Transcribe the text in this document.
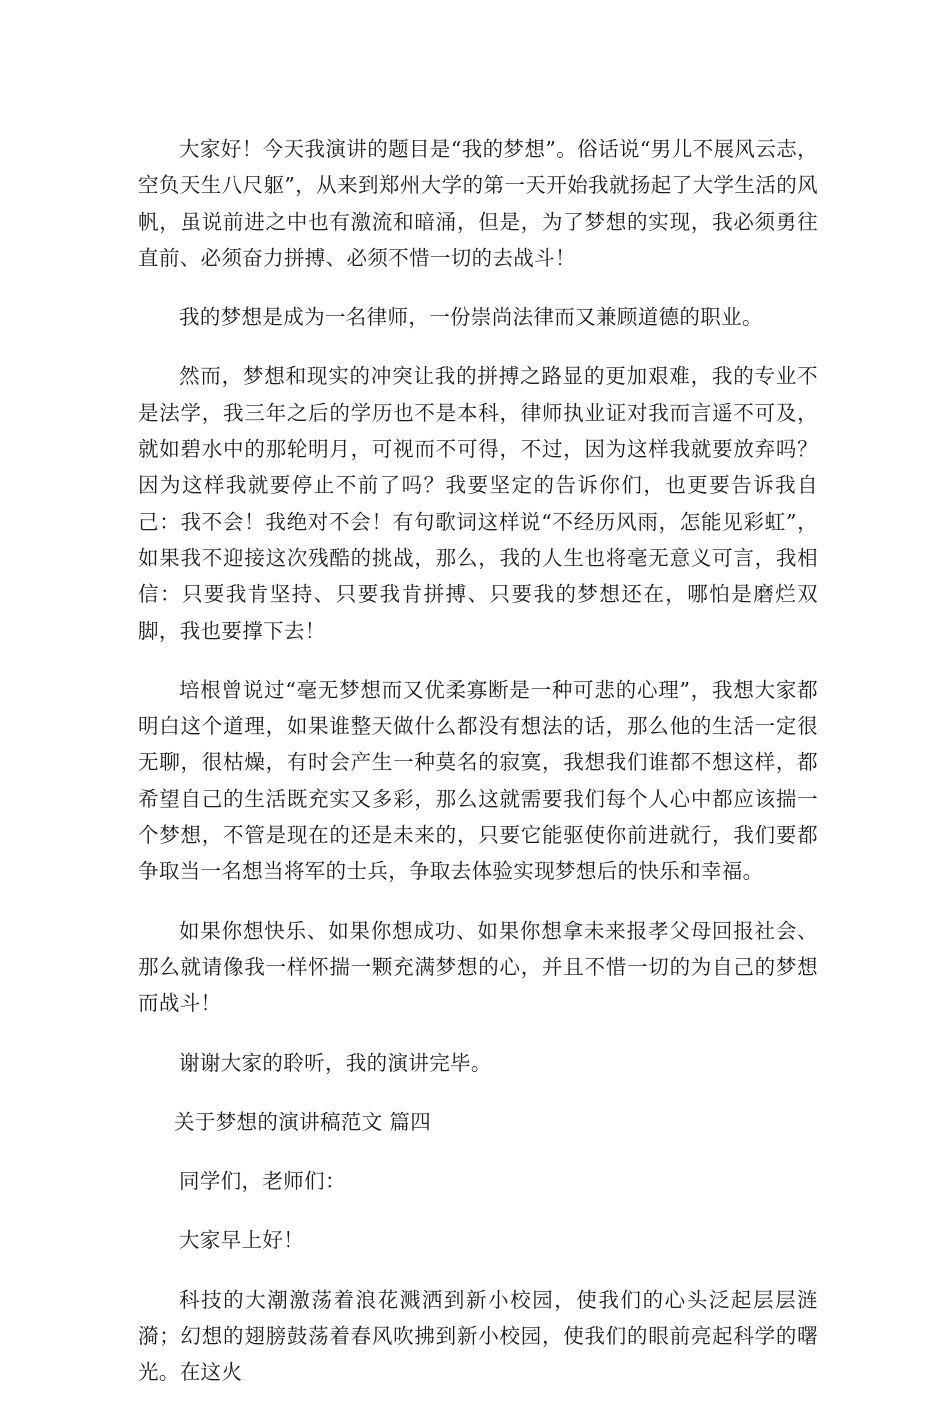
大家好！今天我演讲的题目是“我的梦想”。俗话说“男儿不展风云志，空负天生八尺躯”，从来到郑州大学的第一天开始我就扬起了大学生活的风帆，虽说前进之中也有激流和暗涌，但是，为了梦想的实现，我必须勇往直前、必须奋力拼搏、必须不惜一切的去战斗！

我的梦想是成为一名律师，一份崇尚法律而又兼顾道德的职业。

然而，梦想和现实的冲突让我的拼搏之路显的更加艰难，我的专业不是法学，我三年之后的学历也不是本科，律师执业证对我而言遥不可及，就如碧水中的那轮明月，可视而不可得，不过，因为这样我就要放弃吗？因为这样我就要停止不前了吗？我要坚定的告诉你们，也更要告诉我自己：我不会！我绝对不会！有句歌词这样说“不经历风雨，怎能见彩虹”，如果我不迎接这次残酷的挑战，那么，我的人生也将毫无意义可言，我相信：只要我肯坚持、只要我肯拼搏、只要我的梦想还在，哪怕是磨烂双脚，我也要撑下去！

培根曾说过“毫无梦想而又优柔寡断是一种可悲的心理”，我想大家都明白这个道理，如果谁整天做什么都没有想法的话，那么他的生活一定很无聊，很枯燥，有时会产生一种莫名的寂寞，我想我们谁都不想这样，都希望自己的生活既充实又多彩，那么这就需要我们每个人心中都应该揣一个梦想，不管是现在的还是未来的，只要它能驱使你前进就行，我们要都争取当一名想当将军的士兵，争取去体验实现梦想后的快乐和幸福。

如果你想快乐、如果你想成功、如果你想拿未来报孝父母回报社会、那么就请像我一样怀揣一颗充满梦想的心，并且不惜一切的为自己的梦想而战斗！

谢谢大家的聆听，我的演讲完毕。

关于梦想的演讲稿范文 篇四

同学们，老师们：

大家早上好！

科技的大潮激荡着浪花溅洒到新小校园，使我们的心头泛起层层涟漪；幻想的翅膀鼓荡着春风吹拂到新小校园，使我们的眼前亮起科学的曙光。在这火
